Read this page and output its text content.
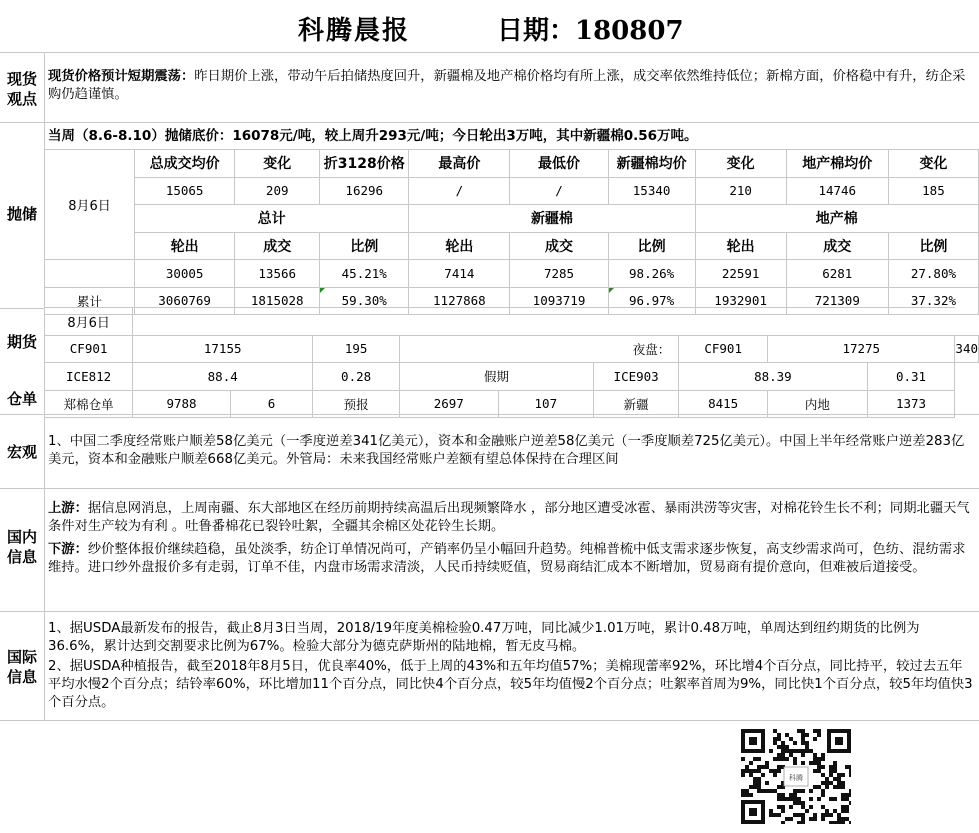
科腾晨报	日期：180807
现货观点
现货价格预计短期震荡：昨日期价上涨，带动午后拍储热度回升，新疆棉及地产棉价格均有所上涨，成交率依然维持低位；新棉方面，价格稳中有升，纺企采购仍趋谨慎。
抛储
当周（8.6-8.10）抛储底价：16078元/吨，较上周升293元/吨；今日轮出3万吨，其中新疆棉0.56万吨。
8月6日	总成交均价	变化	折3128价格	最高价	最低价	新疆棉均价	变化	地产棉均价	变化
	15065	209	16296	/	/	15340	210	14746	185
	总计			新疆棉			地产棉		
	轮出	成交	比例	轮出	成交	比例	轮出	成交	比例
	30005	13566	45.21%	7414	7285	98.26%	22591	6281	27.80%
累计	3060769	1815028	59.30%	1127868	1093719	96.97%	1932901	721309	37.32%
期货
仓单
8月6日										
CF901	17155		195			夜盘：	CF901	17275		340
ICE812	88.4		0.28	假期		ICE903	88.39		0.31	
郑棉仓单	9788	6	预报	2697	107	新疆	8415	内地	1373	
宏观
1、中国二季度经常账户顺差58亿美元（一季度逆差341亿美元），资本和金融账户逆差58亿美元（一季度顺差725亿美元）。中国上半年经常账户逆差283亿美元，资本和金融账户顺差668亿美元。外管局：未来我国经常账户差额有望总体保持在合理区间
国内信息
上游：据信息网消息，上周南疆、东大部地区在经历前期持续高温后出现频繁降水 ，部分地区遭受冰雹、暴雨洪涝等灾害，对棉花铃生长不利；同期北疆天气条件对生产较为有利 。吐鲁番棉花已裂铃吐絮，全疆其余棉区处花铃生长期。
下游：纱价整体报价继续趋稳，虽处淡季，纺企订单情况尚可，产销率仍呈小幅回升趋势。纯棉普梳中低支需求逐步恢复，高支纱需求尚可，色纺、混纺需求维持。进口纱外盘报价多有走弱，订单不佳，内盘市场需求清淡，人民币持续贬值，贸易商结汇成本不断增加，贸易商有提价意向，但难被后道接受。
国际信息
1、据USDA最新发布的报告，截止8月3日当周，2018/19年度美棉检验0.47万吨，同比减少1.01万吨，累计0.48万吨，单周达到纽约期货的比例为36.6%，累计达到交割要求比例为67%。检验大部分为德克萨斯州的陆地棉，暂无皮马棉。
2、据USDA种植报告，截至2018年8月5日，优良率40%，低于上周的43%和五年均值57%；美棉现蕾率92%，环比增4个百分点，同比持平，较过去五年平均水慢2个百分点；结铃率60%，环比增加11个百分点，同比快4个百分点，较5年均值慢2个百分点；吐絮率首周为9%，同比快1个百分点，较5年均值快3个百分点。
科腾
